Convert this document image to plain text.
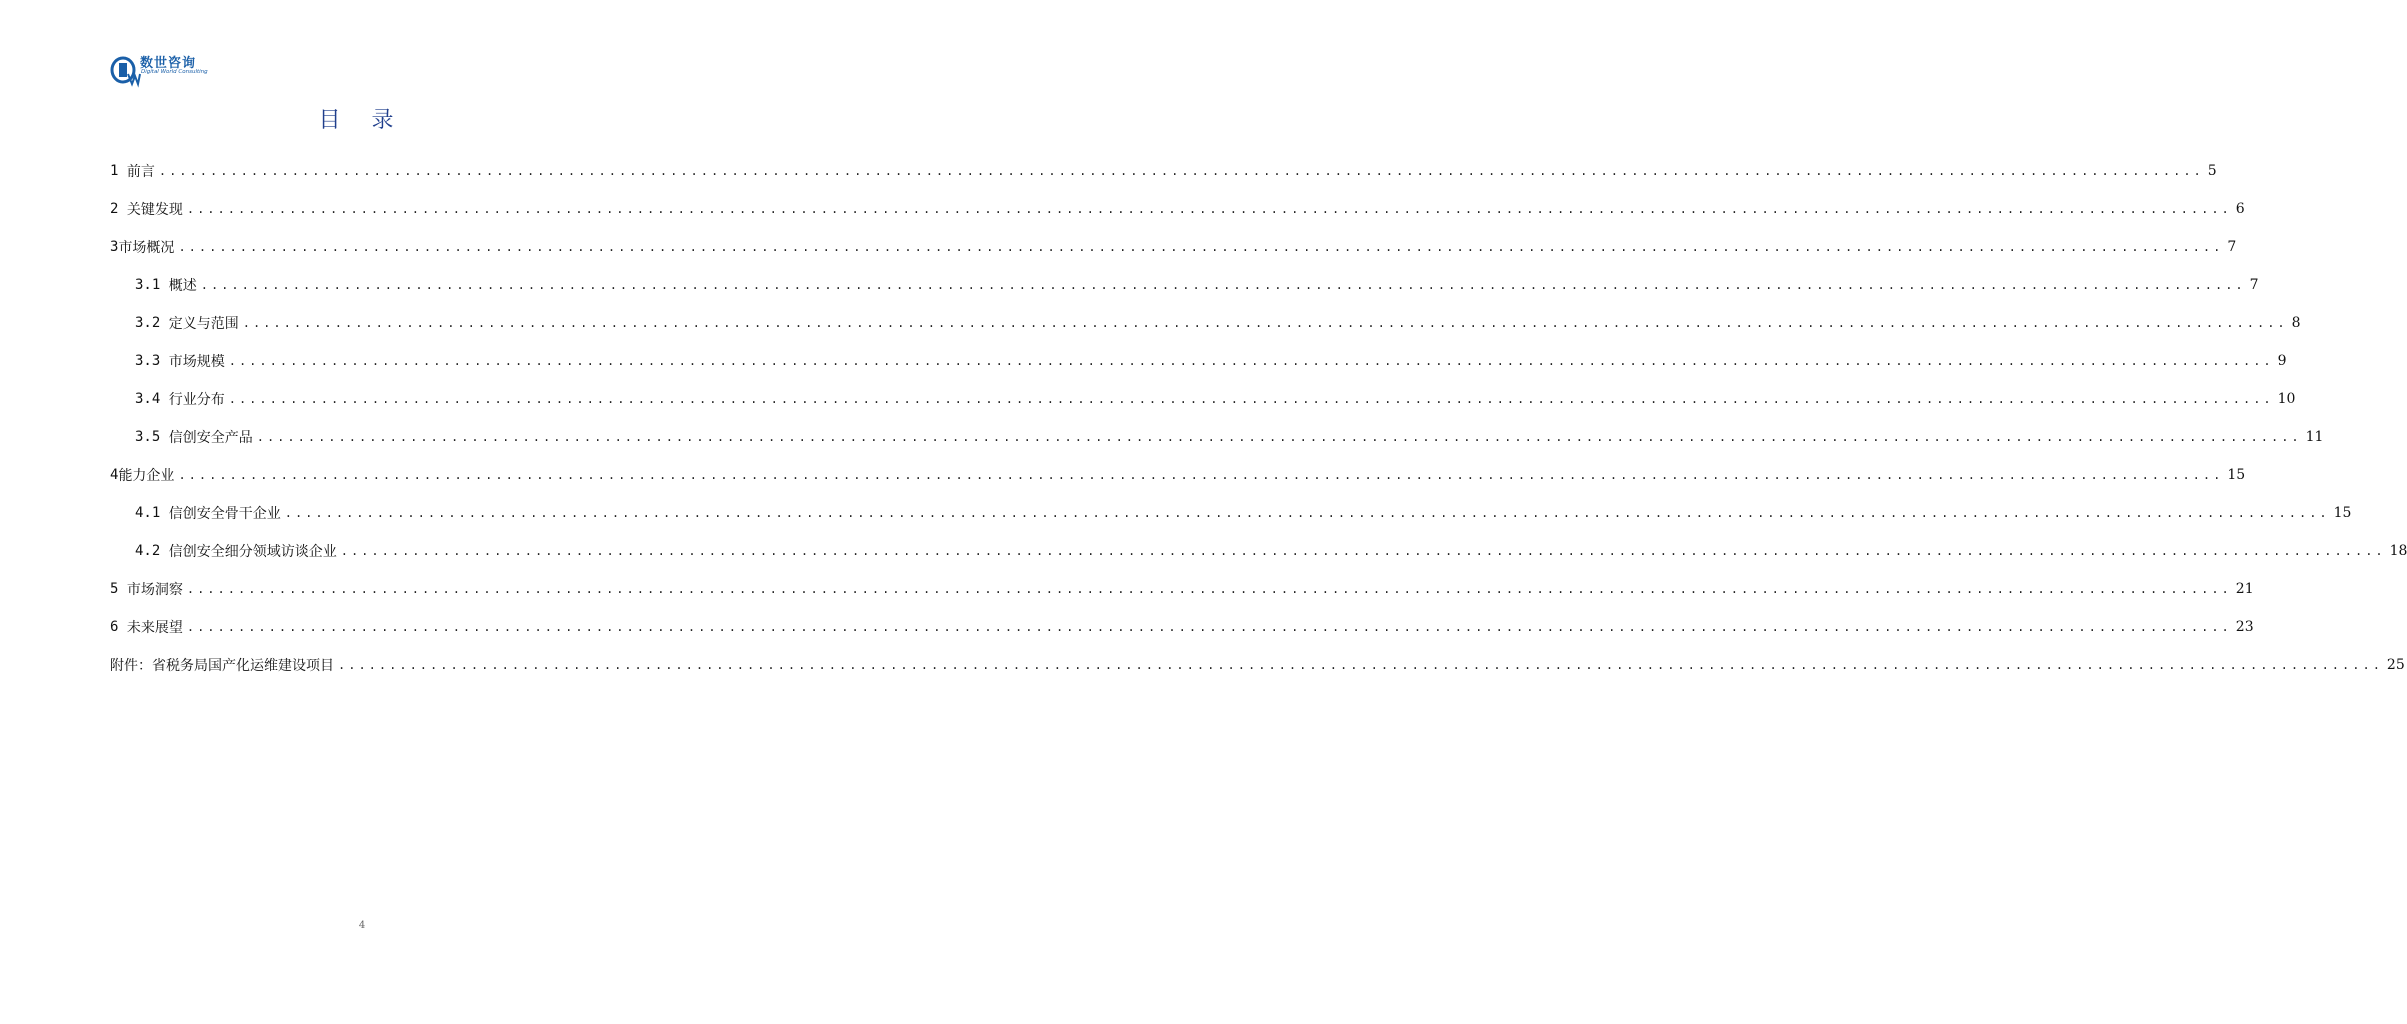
数世咨询
Digital World Consulting
目 录
1 前言 ........................................................................................................................................................................................................ 5
2 关键发现 ........................................................................................................................................................................................................ 6
3 市场概况 ........................................................................................................................................................................................................ 7
3.1 概述 ........................................................................................................................................................................................................ 7
3.2 定义与范围 ........................................................................................................................................................................................................ 8
3.3 市场规模 ........................................................................................................................................................................................................ 9
3.4 行业分布 ........................................................................................................................................................................................................ 10
3.5 信创安全产品 ........................................................................................................................................................................................................ 11
4 能力企业 ........................................................................................................................................................................................................ 15
4.1 信创安全骨干企业 ........................................................................................................................................................................................................ 15
4.2 信创安全细分领域访谈企业 ........................................................................................................................................................................................................ 18
5 市场洞察 ........................................................................................................................................................................................................ 21
6 未来展望 ........................................................................................................................................................................................................ 23
附件：省税务局国产化运维建设项目 ........................................................................................................................................................................................................ 25
4
